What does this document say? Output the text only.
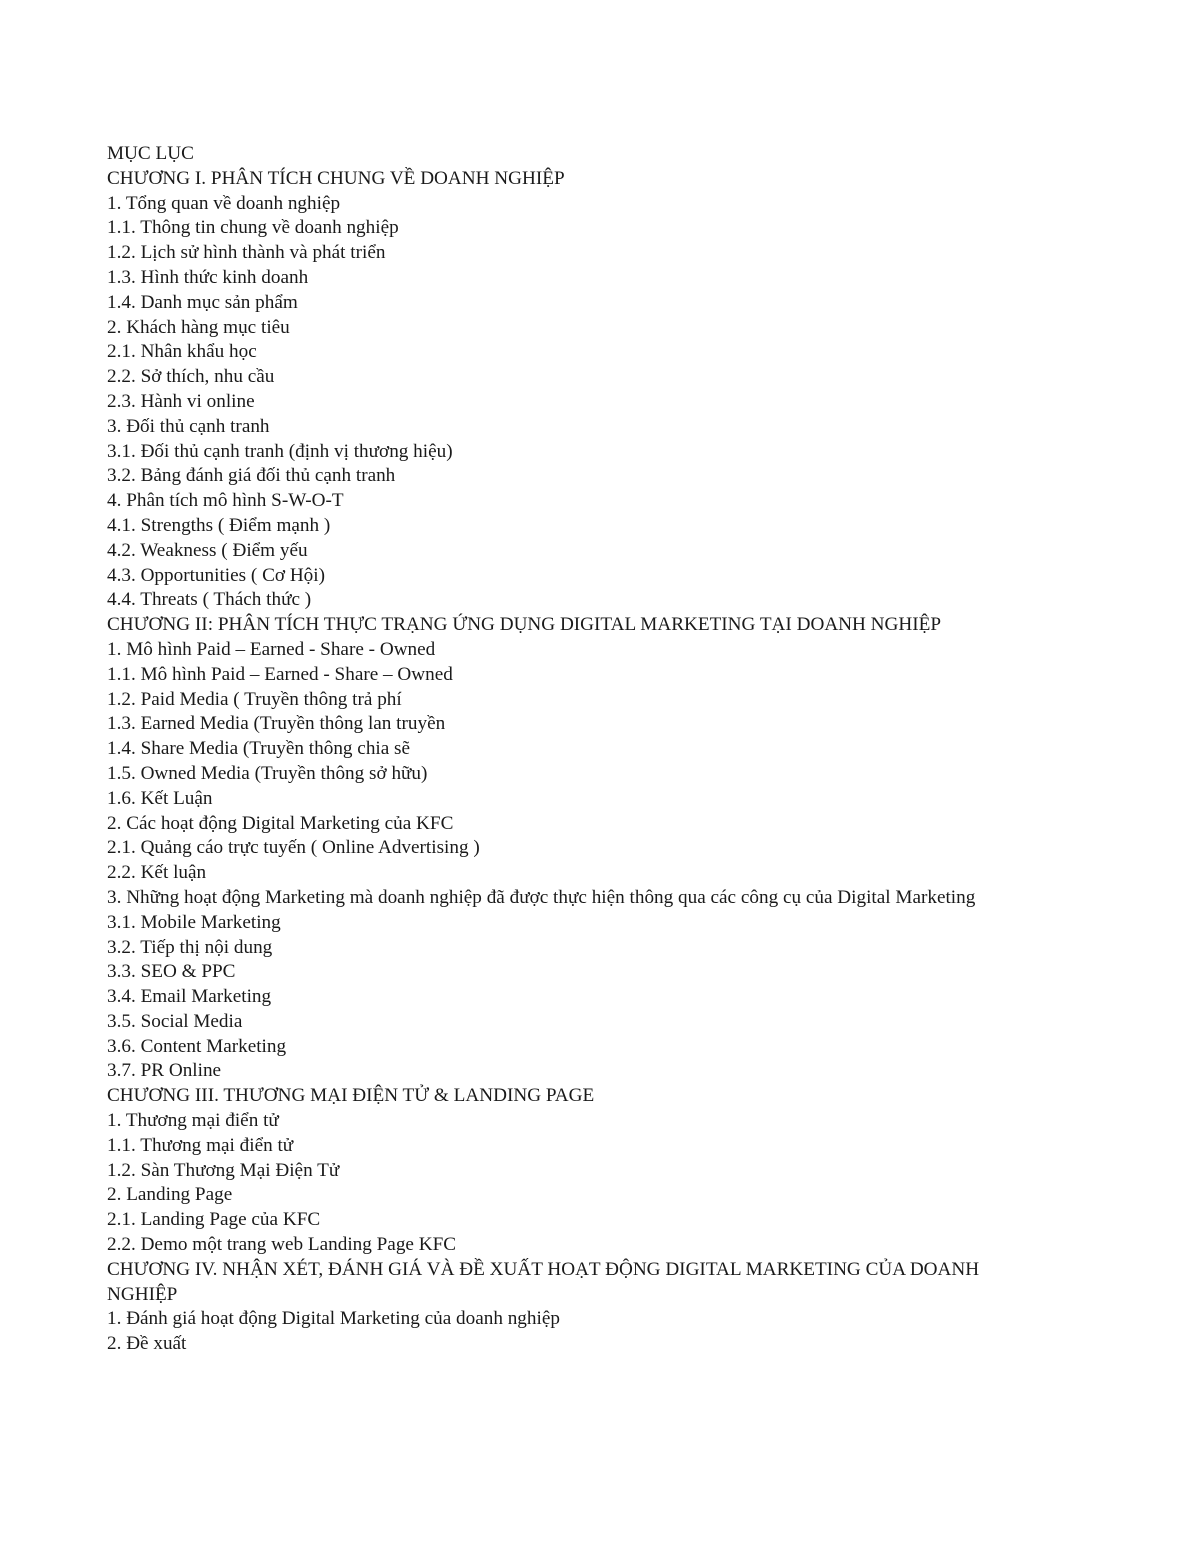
MỤC LỤC
CHƯƠNG I. PHÂN TÍCH CHUNG VỀ DOANH NGHIỆP
1. Tổng quan về doanh nghiệp
1.1. Thông tin chung về doanh nghiệp
1.2. Lịch sử hình thành và phát triển
1.3. Hình thức kinh doanh
1.4. Danh mục sản phẩm
2. Khách hàng mục tiêu
2.1. Nhân khẩu học
2.2. Sở thích, nhu cầu
2.3. Hành vi online
3. Đối thủ cạnh tranh
3.1. Đối thủ cạnh tranh (định vị thương hiệu)
3.2. Bảng đánh giá đối thủ cạnh tranh
4. Phân tích mô hình S-W-O-T
4.1. Strengths ( Điểm mạnh )
4.2. Weakness ( Điểm yếu
4.3. Opportunities ( Cơ Hội)
4.4. Threats ( Thách thức )
CHƯƠNG II: PHÂN TÍCH THỰC TRẠNG ỨNG DỤNG DIGITAL MARKETING TẠI DOANH NGHIỆP
1. Mô hình Paid – Earned - Share - Owned
1.1. Mô hình Paid – Earned - Share – Owned
1.2. Paid Media ( Truyền thông trả phí
1.3. Earned Media (Truyền thông lan truyền
1.4. Share Media (Truyền thông chia sẽ
1.5. Owned Media (Truyền thông sở hữu)
1.6. Kết Luận
2. Các hoạt động Digital Marketing của KFC
2.1. Quảng cáo trực tuyến ( Online Advertising )
2.2. Kết luận
3. Những hoạt động Marketing mà doanh nghiệp đã được thực hiện thông qua các công cụ của Digital Marketing
3.1. Mobile Marketing
3.2. Tiếp thị nội dung
3.3. SEO & PPC
3.4. Email Marketing
3.5. Social Media
3.6. Content Marketing
3.7. PR Online
CHƯƠNG III. THƯƠNG MẠI ĐIỆN TỬ & LANDING PAGE
1. Thương mại điển tử
1.1. Thương mại điển tử
1.2. Sàn Thương Mại Điện Tử
2. Landing Page
2.1. Landing Page của KFC
2.2. Demo một trang web Landing Page KFC
CHƯƠNG IV. NHẬN XÉT, ĐÁNH GIÁ VÀ ĐỀ XUẤT HOẠT ĐỘNG DIGITAL MARKETING CỦA DOANH
NGHIỆP
1. Đánh giá hoạt động Digital Marketing của doanh nghiệp
2. Đề xuất
